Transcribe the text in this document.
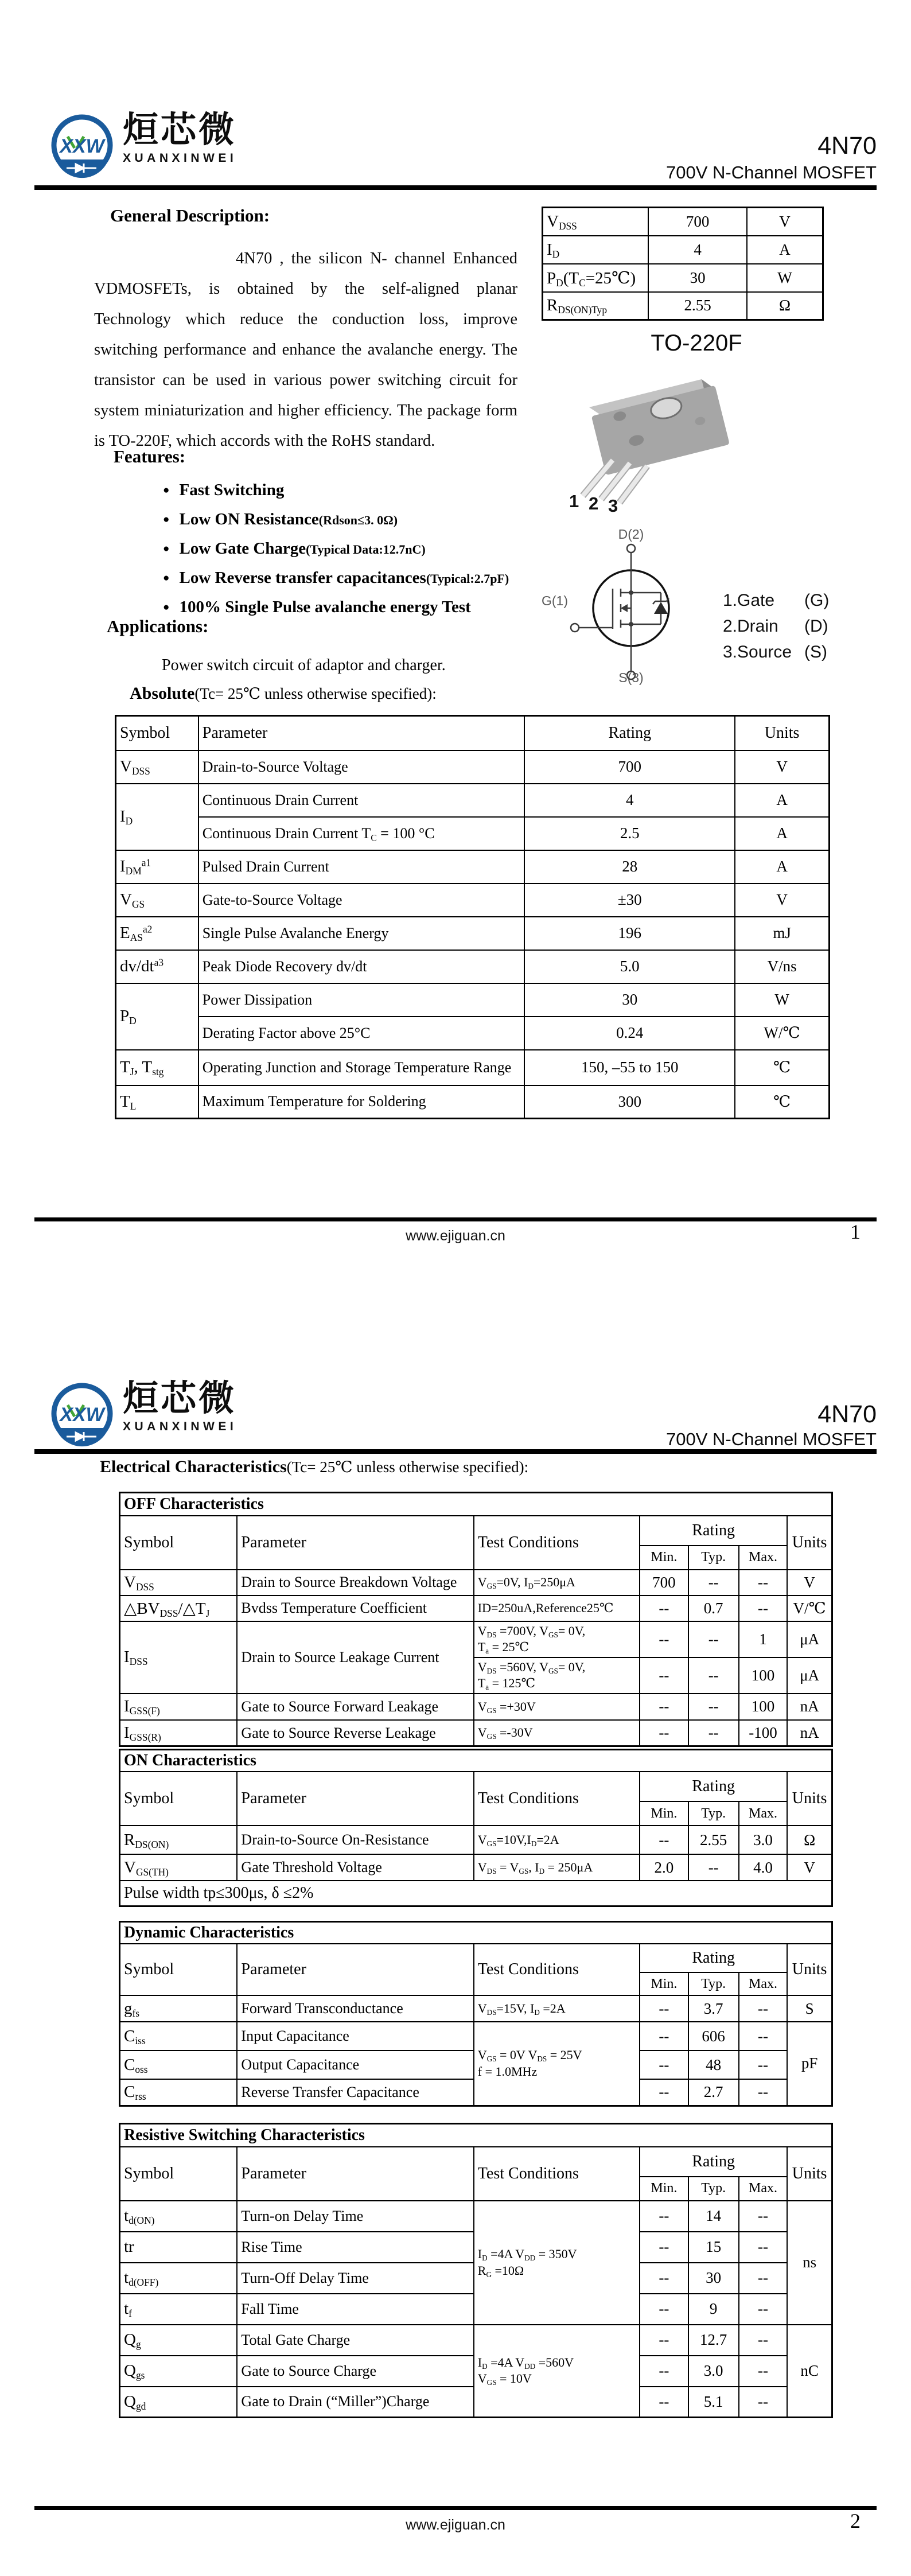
XXW 烜芯微
XUANXINWEI	4N70
700V N-Channel MOSFET
General Description:
4N70 , the silicon N- channel Enhanced VDMOSFETs, is obtained by the self-aligned planar Technology which reduce the conduction loss, improve switching performance and enhance the avalanche energy. The transistor can be used in various power switching circuit for system miniaturization and higher efficiency. The package form is TO-220F, which accords with the RoHS standard.
Features:
● Fast Switching
● Low ON Resistance (Rdson≤3. 0Ω)
● Low Gate Charge (Typical Data:12.7nC)
● Low Reverse transfer capacitances (Typical:2.7pF)
● 100% Single Pulse avalanche energy Test
Applications:
Power switch circuit of adaptor and charger.
Absolute(Tc= 25℃ unless otherwise specified):
Symbol	Parameter	Rating	Units
$V_{DSS}$	Drain-to-Source Voltage	700	V
$I_D$	Continuous Drain Current	4	A
	Continuous Drain Current $T_C = 100$ °C	2.5	A
$I_{DM}^{a1}$	Pulsed Drain Current	28	A
$V_{GS}$	Gate-to-Source Voltage	±30	V
$E_{AS}^{a2}$	Single Pulse Avalanche Energy	196	mJ
$dv/dt^{a3}$	Peak Diode Recovery dv/dt	5.0	V/ns
$P_D$	Power Dissipation	30	W
	Derating Factor above 25°C	0.24	W/℃
$T_J$, $T_{stg}$	Operating Junction and Storage Temperature Range	150, –55 to 150	℃
$T_L$	Maximum Temperature for Soldering	300	℃
$V_{DSS}$	700	V
$I_D$	4	A
$P_D(T_C=25℃)$	30	W
$R_{DS(ON)Typ}$	2.55	Ω
TO-220F
1 2 3
D(2)
G(1)
S(3)
1.Gate	(G)
2.Drain	(D)
3.Source (S)
www.ejiguan.cn	1
XXW 烜芯微
XUANXINWEI	4N70
700V N-Channel MOSFET
Electrical Characteristics(Tc= 25℃ unless otherwise specified):
OFF Characteristics						
Symbol	Parameter	Test Conditions	Rating			Units
			Min.	Typ.	Max.	
$V_{DSS}$	Drain to Source Breakdown Voltage	$V_{GS}=0V$, $I_D=250\mu A$	700	--	--	V
$\triangle BV_{DSS}/\triangle T_J$	Bvdss Temperature Coefficient	ID=250uA,Reference25℃	--	0.7	--	V/℃
$I_{DSS}$	Drain to Source Leakage Current	$V_{DS} =700V$, $V_{GS}= 0V$,
$T_a$ = 25℃	--	--	1	μA
		$V_{DS} =560V$, $V_{GS}= 0V$,
$T_a$ = 125℃	--	--	100	μA
$I_{GSS(F)}$	Gate to Source Forward Leakage	$V_{GS} =+30V$	--	--	100	nA
$I_{GSS(R)}$	Gate to Source Reverse Leakage	$V_{GS} =-30V$	--	--	-100	nA
ON Characteristics						
Symbol	Parameter	Test Conditions	Rating			Units
			Min.	Typ.	Max.	
$R_{DS(ON)}$	Drain-to-Source On-Resistance	$V_{GS}=10V,I_D=2A$	--	2.55	3.0	Ω
$V_{GS(TH)}$	Gate Threshold Voltage	$V_{DS} = V_{GS}$, $I_D = 250\mu A$	2.0	--	4.0	V
Pulse width tp≤300μs, δ ≤2%						
Dynamic Characteristics						
Symbol	Parameter	Test Conditions	Rating			Units
			Min.	Typ.	Max.	
$g_{fs}$	Forward Transconductance	$V_{DS}=15V$, $I_D =2A$	--	3.7	--	S
$C_{iss}$	Input Capacitance	$V_{GS} = 0V$ $V_{DS} = 25V$
f = 1.0MHz	--	606	--	pF
$C_{oss}$	Output Capacitance		--	48	--	
$C_{rss}$	Reverse Transfer Capacitance		--	2.7	--	
Resistive Switching Characteristics						
Symbol	Parameter	Test Conditions	Rating			Units
			Min.	Typ.	Max.	
$t_{d(ON)}$	Turn-on Delay Time	$I_D =4A$ $V_{DD} = 350V$
$R_G =10\Omega$	--	14	--	ns
tr	Rise Time		--	15	--	
$t_{d(OFF)}$	Turn-Off Delay Time		--	30	--	
$t_f$	Fall Time		--	9	--	
$Q_g$	Total Gate Charge	$I_D =4A$ $V_{DD} =560V$
$V_{GS} = 10V$	--	12.7	--	nC
$Q_{gs}$	Gate to Source Charge		--	3.0	--	
$Q_{gd}$	Gate to Drain (“Miller”)Charge		--	5.1	--	
www.ejiguan.cn	2
